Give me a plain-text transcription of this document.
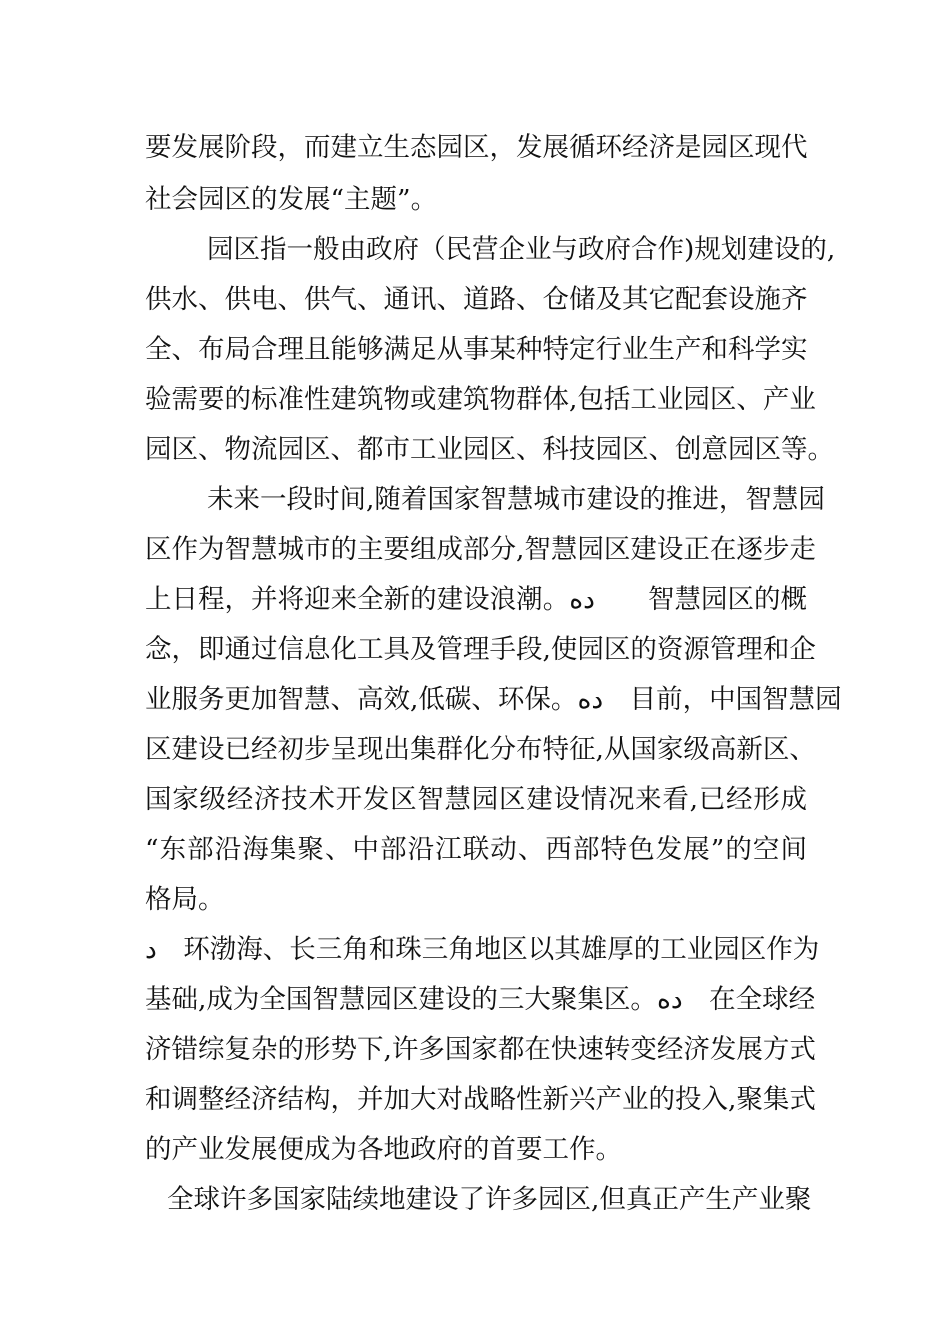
要发展阶段，而建立生态园区，发展循环经济是园区现代
社会园区的发展“主题”。
园区指一般由政府（民营企业与政府合作)规划建设的,
供水、供电、供气、通讯、道路、仓储及其它配套设施齐
全、布局合理且能够满足从事某种特定行业生产和科学实
验需要的标准性建筑物或建筑物群体,包括工业园区、产业
园区、物流园区、都市工业园区、科技园区、创意园区等。
未来一段时间,随着国家智慧城市建设的推进，智慧园
区作为智慧城市的主要组成部分,智慧园区建设正在逐步走
上日程，并将迎来全新的建设浪潮。ده　　智慧园区的概
念，即通过信息化工具及管理手段,使园区的资源管理和企
业服务更加智慧、高效,低碳、环保。ده　目前，中国智慧园
区建设已经初步呈现出集群化分布特征,从国家级高新区、
国家级经济技术开发区智慧园区建设情况来看,已经形成
“东部沿海集聚、中部沿江联动、西部特色发展”的空间
格局。
د　环渤海、长三角和珠三角地区以其雄厚的工业园区作为
基础,成为全国智慧园区建设的三大聚集区。ده　在全球经
济错综复杂的形势下,许多国家都在快速转变经济发展方式
和调整经济结构，并加大对战略性新兴产业的投入,聚集式
的产业发展便成为各地政府的首要工作。
全球许多国家陆续地建设了许多园区,但真正产生产业聚
